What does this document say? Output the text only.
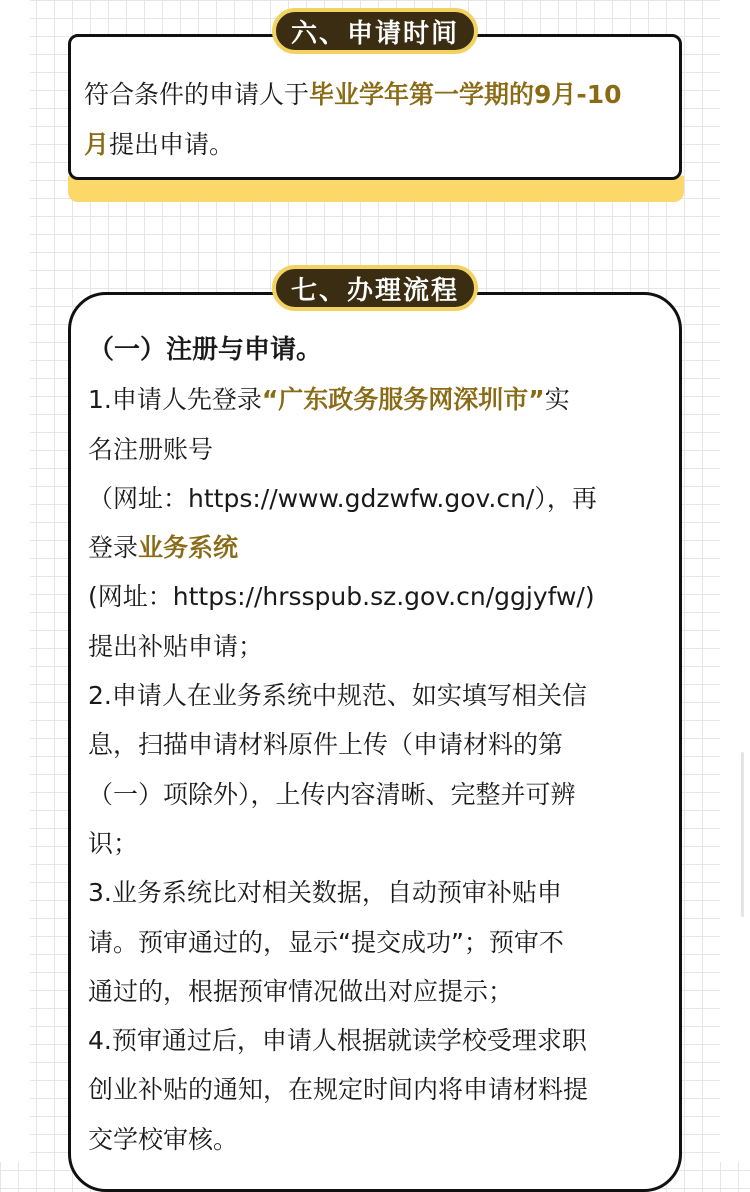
六、申请时间
符合条件的申请人于毕业学年第一学期的9月-10
月提出申请。
七、办理流程
（一）注册与申请。
1.申请人先登录“广东政务服务网深圳市”实
名注册账号
（网址：https://www.gdzwfw.gov.cn/），再
登录业务系统
(网址：https://hrsspub.sz.gov.cn/ggjyfw/)
提出补贴申请；
2.申请人在业务系统中规范、如实填写相关信
息，扫描申请材料原件上传（申请材料的第
（一）项除外），上传内容清晰、完整并可辨
识；
3.业务系统比对相关数据，自动预审补贴申
请。预审通过的，显示“提交成功”；预审不
通过的，根据预审情况做出对应提示；
4.预审通过后，申请人根据就读学校受理求职
创业补贴的通知，在规定时间内将申请材料提
交学校审核。
